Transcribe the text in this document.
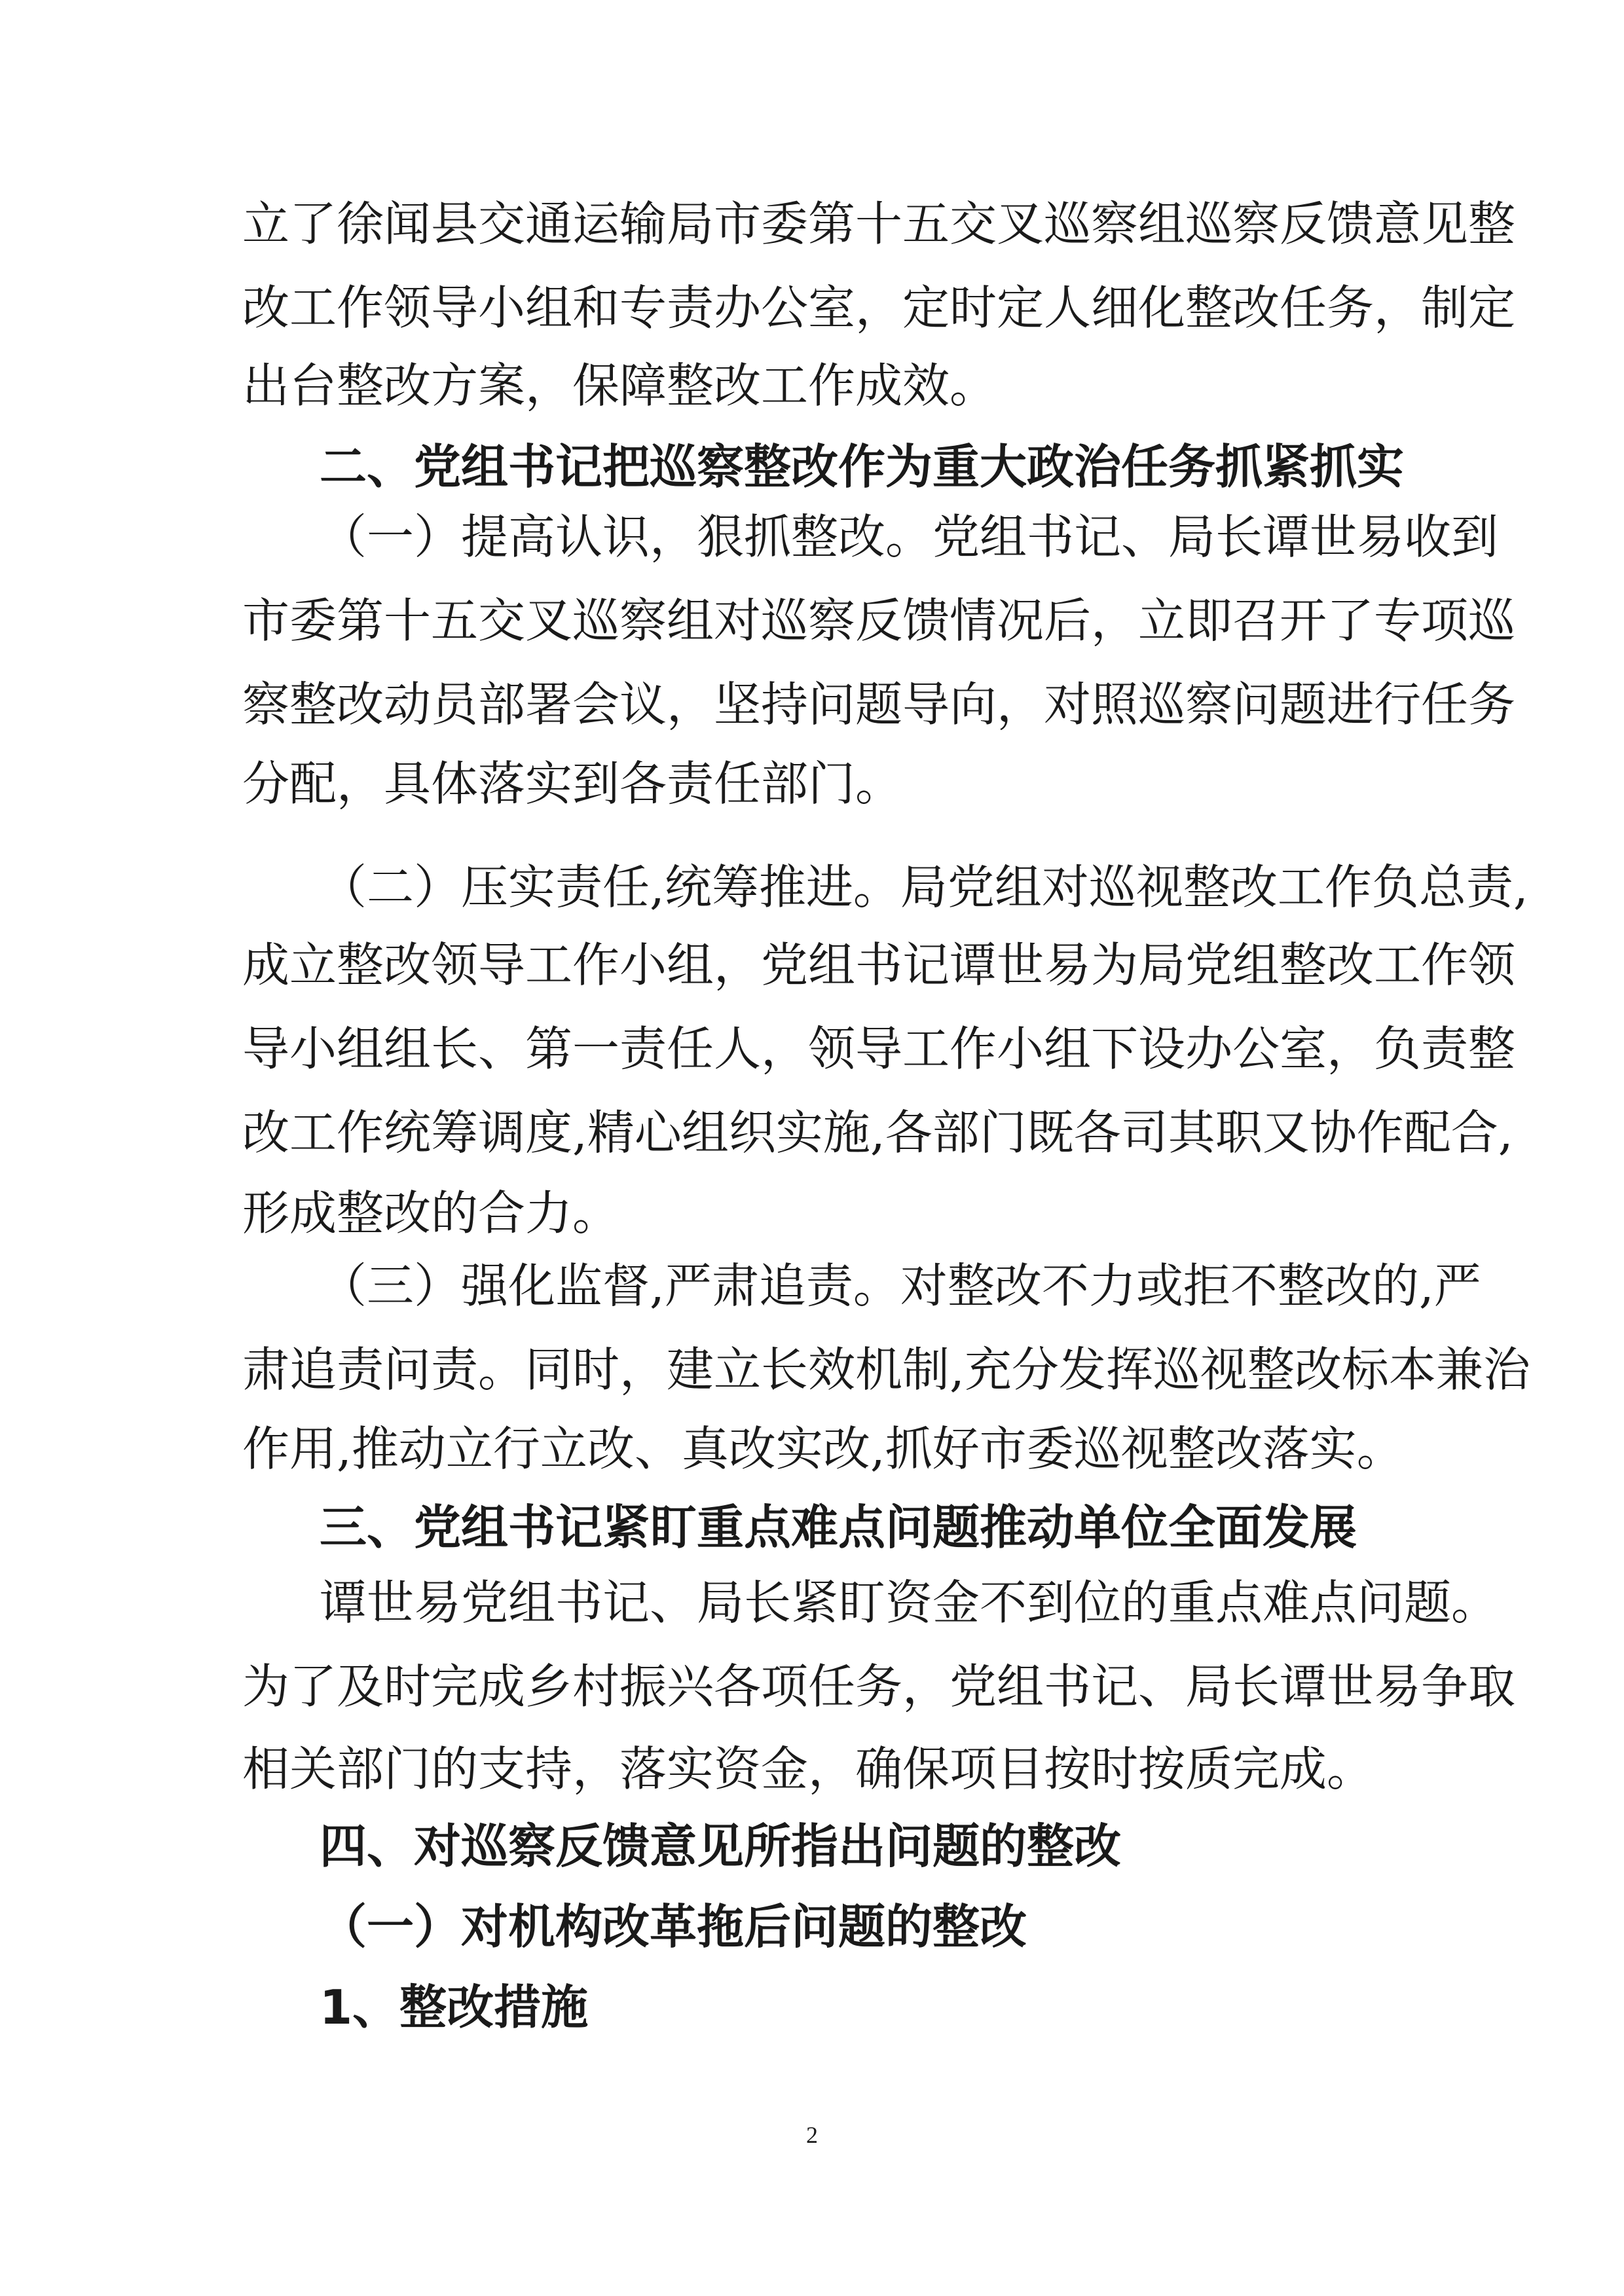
立了徐闻县交通运输局市委第十五交叉巡察组巡察反馈意见整
改工作领导小组和专责办公室，定时定人细化整改任务，制定
出台整改方案，保障整改工作成效。
二、党组书记把巡察整改作为重大政治任务抓紧抓实
（一）提高认识，狠抓整改。党组书记、局长谭世易收到
市委第十五交叉巡察组对巡察反馈情况后，立即召开了专项巡
察整改动员部署会议，坚持问题导向，对照巡察问题进行任务
分配，具体落实到各责任部门。
（二）压实责任,统筹推进。局党组对巡视整改工作负总责,
成立整改领导工作小组，党组书记谭世易为局党组整改工作领
导小组组长、第一责任人，领导工作小组下设办公室，负责整
改工作统筹调度,精心组织实施,各部门既各司其职又协作配合,
形成整改的合力。
（三）强化监督,严肃追责。对整改不力或拒不整改的,严
肃追责问责。同时，建立长效机制,充分发挥巡视整改标本兼治
作用,推动立行立改、真改实改,抓好市委巡视整改落实。
三、党组书记紧盯重点难点问题推动单位全面发展
谭世易党组书记、局长紧盯资金不到位的重点难点问题。
为了及时完成乡村振兴各项任务，党组书记、局长谭世易争取
相关部门的支持，落实资金，确保项目按时按质完成。
四、对巡察反馈意见所指出问题的整改
（一）对机构改革拖后问题的整改
1、整改措施
2
